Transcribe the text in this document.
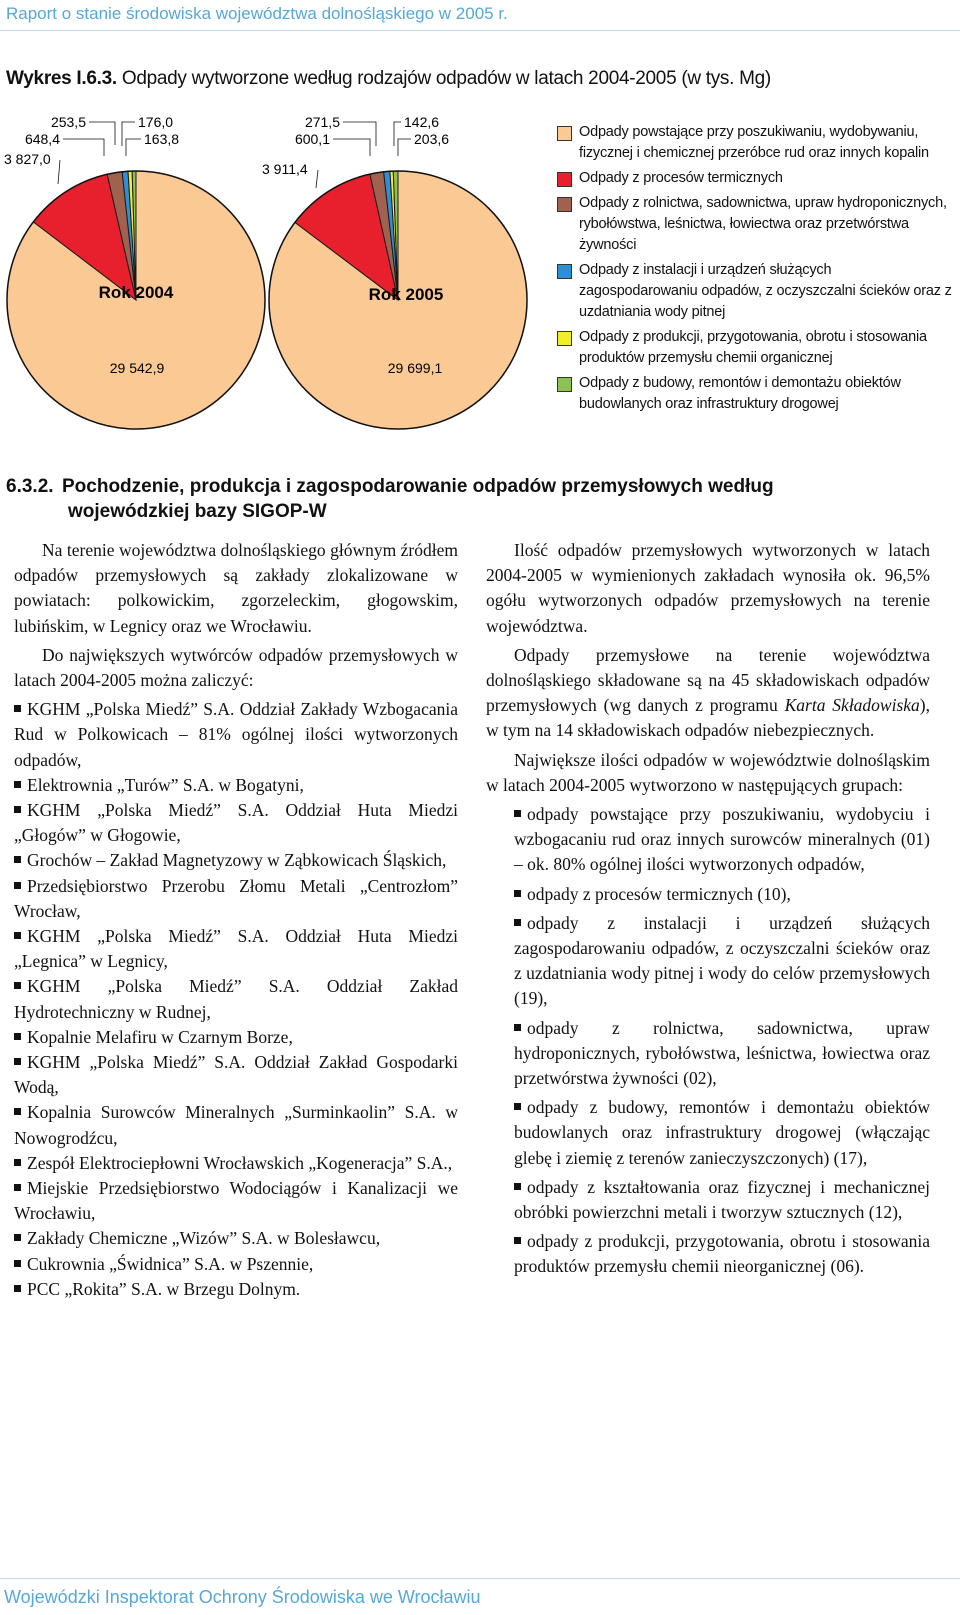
Raport o stanie środowiska województwa dolnośląskiego w 2005 r.
Wykres I.6.3. Odpady wytworzone według rodzajów odpadów w latach 2004-2005 (w tys. Mg)
Rok 2004
29 542,9
3 827,0
253,5
648,4
176,0
163,8
Rok 2005
29 699,1
3 911,4
271,5
600,1
142,6
203,6	Odpady powstające przy poszukiwaniu, wydobywaniu, fizycznej i chemicznej przeróbce rud oraz innych kopalin
Odpady z procesów termicznych
Odpady z rolnictwa, sadownictwa, upraw hydroponicznych, rybołówstwa, leśnictwa, łowiectwa oraz przetwórstwa żywności
Odpady z instalacji i urządzeń służących zagospodarowaniu odpadów, z oczyszczalni ścieków oraz z uzdatniania wody pitnej
Odpady z produkcji, przygotowania, obrotu i stosowania produktów przemysłu chemii organicznej
Odpady z budowy, remontów i demontażu obiektów budowlanych oraz infrastruktury drogowej
6.3.2. Pochodzenie, produkcja i zagospodarowanie odpadów przemysłowych według
wojewódzkiej bazy SIGOP-W

Na terenie województwa dolnośląskiego głównym źródłem odpadów przemysłowych są zakłady zlokalizowane w powiatach: polkowickim, zgorzeleckim, głogowskim, lubińskim, w Legnicy oraz we Wrocławiu.

Do największych wytwórców odpadów przemysłowych w latach 2004-2005 można zaliczyć:

KGHM „Polska Miedź” S.A. Oddział Zakłady Wzbogacania Rud w Polkowicach – 81% ogólnej ilości wytworzonych odpadów,
Elektrownia „Turów” S.A. w Bogatyni,
KGHM „Polska Miedź” S.A. Oddział Huta Miedzi „Głogów” w Głogowie,
Grochów – Zakład Magnetyzowy w Ząbkowicach Śląskich,
Przedsiębiorstwo Przerobu Złomu Metali „Centrozłom” Wrocław,
KGHM „Polska Miedź” S.A. Oddział Huta Miedzi „Legnica” w Legnicy,
KGHM „Polska Miedź” S.A. Oddział Zakład Hydrotechniczny w Rudnej,
Kopalnie Melafiru w Czarnym Borze,
KGHM „Polska Miedź” S.A. Oddział Zakład Gospodarki Wodą,
Kopalnia Surowców Mineralnych „Surminkaolin” S.A. w Nowogrodźcu,
Zespół Elektrociepłowni Wrocławskich „Kogeneracja” S.A.,
Miejskie Przedsiębiorstwo Wodociągów i Kanalizacji we Wrocławiu,
Zakłady Chemiczne „Wizów” S.A. w Bolesławcu,
Cukrownia „Świdnica” S.A. w Pszennie,
PCC „Rokita” S.A. w Brzegu Dolnym.

Ilość odpadów przemysłowych wytworzonych w latach 2004-2005 w wymienionych zakładach wynosiła ok. 96,5% ogółu wytworzonych odpadów przemysłowych na terenie województwa.

Odpady przemysłowe na terenie województwa dolnośląskiego składowane są na 45 składowiskach odpadów przemysłowych (wg danych z programu Karta Składowiska), w tym na 14 składowiskach odpadów niebezpiecznych.

Największe ilości odpadów w województwie dolnośląskim w latach 2004-2005 wytworzono w następujących grupach:

odpady powstające przy poszukiwaniu, wydobyciu i wzbogacaniu rud oraz innych surowców mineralnych (01) – ok. 80% ogólnej ilości wytworzonych odpadów,
odpady z procesów termicznych (10),
odpady z instalacji i urządzeń służących zagospodarowaniu odpadów, z oczyszczalni ścieków oraz z uzdatniania wody pitnej i wody do celów przemysłowych (19),
odpady z rolnictwa, sadownictwa, upraw hydroponicznych, rybołówstwa, leśnictwa, łowiectwa oraz przetwórstwa żywności (02),
odpady z budowy, remontów i demontażu obiektów budowlanych oraz infrastruktury drogowej (włączając glebę i ziemię z terenów zanieczyszczonych) (17),
odpady z kształtowania oraz fizycznej i mechanicznej obróbki powierzchni metali i tworzyw sztucznych (12),
odpady z produkcji, przygotowania, obrotu i stosowania produktów przemysłu chemii nieorganicznej (06).
Wojewódzki Inspektorat Ochrony Środowiska we Wrocławiu
